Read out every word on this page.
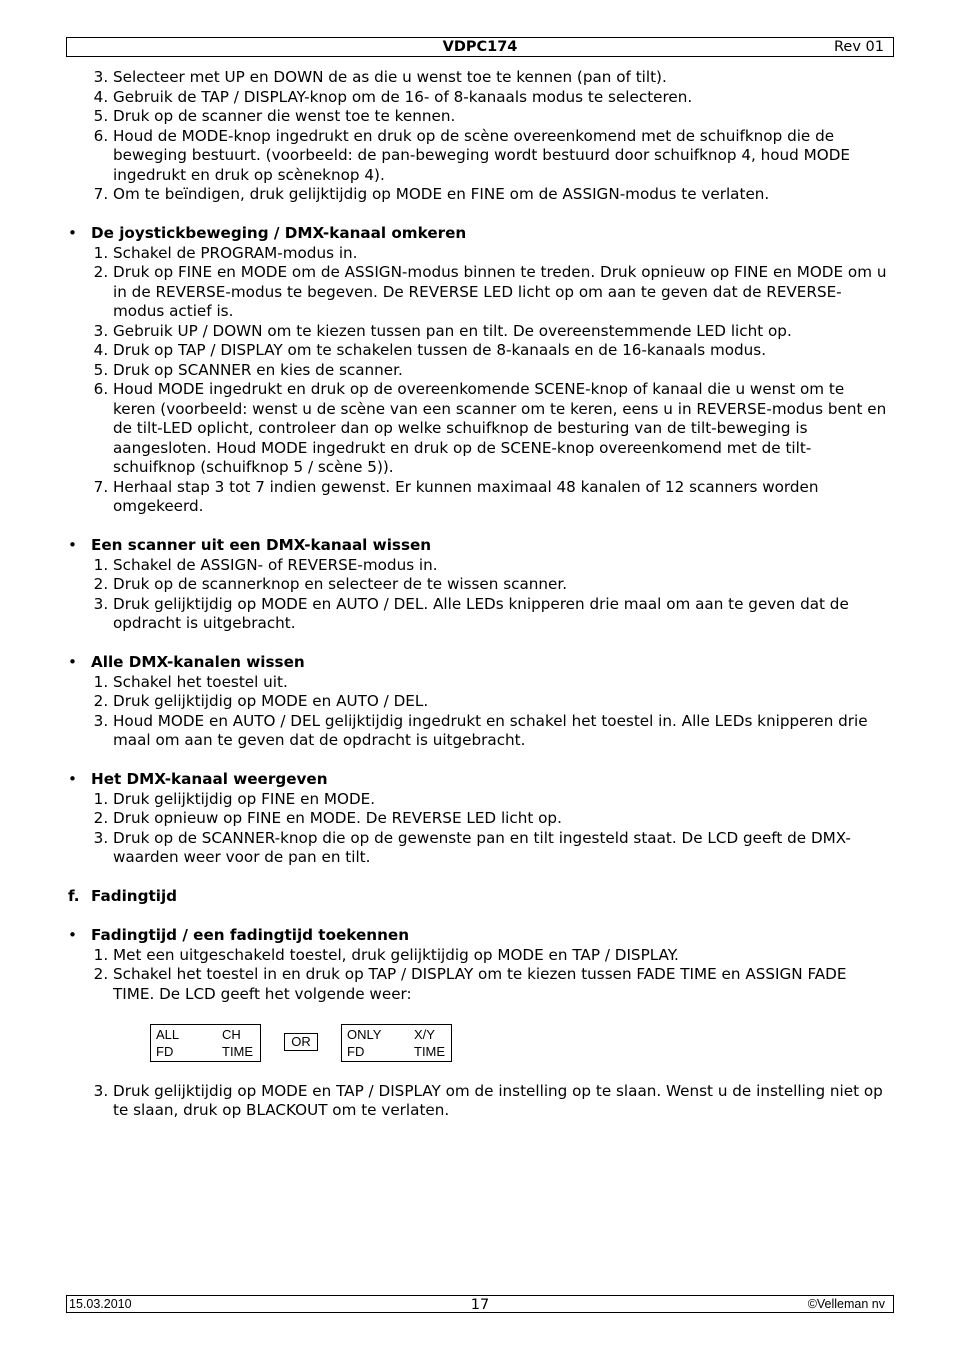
VDPC174	Rev 01
3. Selecteer met UP en DOWN de as die u wenst toe te kennen (pan of tilt).
4. Gebruik de TAP / DISPLAY-knop om de 16- of 8-kanaals modus te selecteren.
5. Druk op de scanner die wenst toe te kennen.
6. Houd de MODE-knop ingedrukt en druk op de scène overeenkomend met de schuifknop die de beweging bestuurt. (voorbeeld: de pan-beweging wordt bestuurd door schuifknop 4, houd MODE ingedrukt en druk op scèneknop 4).
7. Om te beïndigen, druk gelijktijdig op MODE en FINE om de ASSIGN-modus te verlaten.
• De joystickbeweging / DMX-kanaal omkeren
1. Schakel de PROGRAM-modus in.
2. Druk op FINE en MODE om de ASSIGN-modus binnen te treden. Druk opnieuw op FINE en MODE om u in de REVERSE-modus te begeven. De REVERSE LED licht op om aan te geven dat de REVERSE-modus actief is.
3. Gebruik UP / DOWN om te kiezen tussen pan en tilt. De overeenstemmende LED licht op.
4. Druk op TAP / DISPLAY om te schakelen tussen de 8-kanaals en de 16-kanaals modus.
5. Druk op SCANNER en kies de scanner.
6. Houd MODE ingedrukt en druk op de overeenkomende SCENE-knop of kanaal die u wenst om te keren (voorbeeld: wenst u de scène van een scanner om te keren, eens u in REVERSE-modus bent en de tilt-LED oplicht, controleer dan op welke schuifknop de besturing van de tilt-beweging is aangesloten. Houd MODE ingedrukt en druk op de SCENE-knop overeenkomend met de tilt-schuifknop (schuifknop 5 / scène 5)).
7. Herhaal stap 3 tot 7 indien gewenst. Er kunnen maximaal 48 kanalen of 12 scanners worden omgekeerd.
• Een scanner uit een DMX-kanaal wissen
1. Schakel de ASSIGN- of REVERSE-modus in.
2. Druk op de scannerknop en selecteer de te wissen scanner.
3. Druk gelijktijdig op MODE en AUTO / DEL. Alle LEDs knipperen drie maal om aan te geven dat de opdracht is uitgebracht.
• Alle DMX-kanalen wissen
1. Schakel het toestel uit.
2. Druk gelijktijdig op MODE en AUTO / DEL.
3. Houd MODE en AUTO / DEL gelijktijdig ingedrukt en schakel het toestel in. Alle LEDs knipperen drie maal om aan te geven dat de opdracht is uitgebracht.
• Het DMX-kanaal weergeven
1. Druk gelijktijdig op FINE en MODE.
2. Druk opnieuw op FINE en MODE. De REVERSE LED licht op.
3. Druk op de SCANNER-knop die op de gewenste pan en tilt ingesteld staat. De LCD geeft de DMX-waarden weer voor de pan en tilt.
f. Fadingtijd
• Fadingtijd / een fadingtijd toekennen
1. Met een uitgeschakeld toestel, druk gelijktijdig op MODE en TAP / DISPLAY.
2. Schakel het toestel in en druk op TAP / DISPLAY om te kiezen tussen FADE TIME en ASSIGN FADE TIME. De LCD geeft het volgende weer:
ALL	CH
FD	TIME
OR	ONLY	X/Y
FD	TIME
3. Druk gelijktijdig op MODE en TAP / DISPLAY om de instelling op te slaan. Wenst u de instelling niet op te slaan, druk op BLACKOUT om te verlaten.
15.03.2010	17	©Velleman nv
